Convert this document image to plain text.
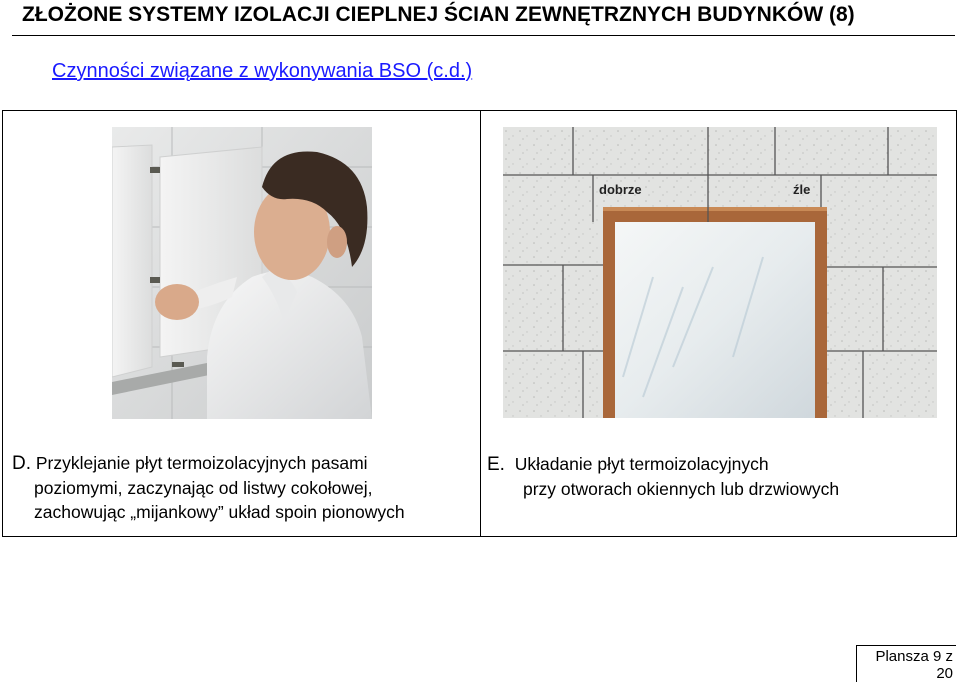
ZŁOŻONE SYSTEMY IZOLACJI CIEPLNEJ ŚCIAN ZEWNĘTRZNYCH BUDYNKÓW (8)
Czynności związane z wykonywania BSO (c.d.)
dobrze	źle
D. Przyklejanie płyt termoizolacyjnych pasami
poziomymi, zaczynając od listwy cokołowej,
zachowując „mijankowy” układ spoin pionowych
E. Układanie płyt termoizolacyjnych
przy otworach okiennych lub drzwiowych
Plansza 9 z 20
